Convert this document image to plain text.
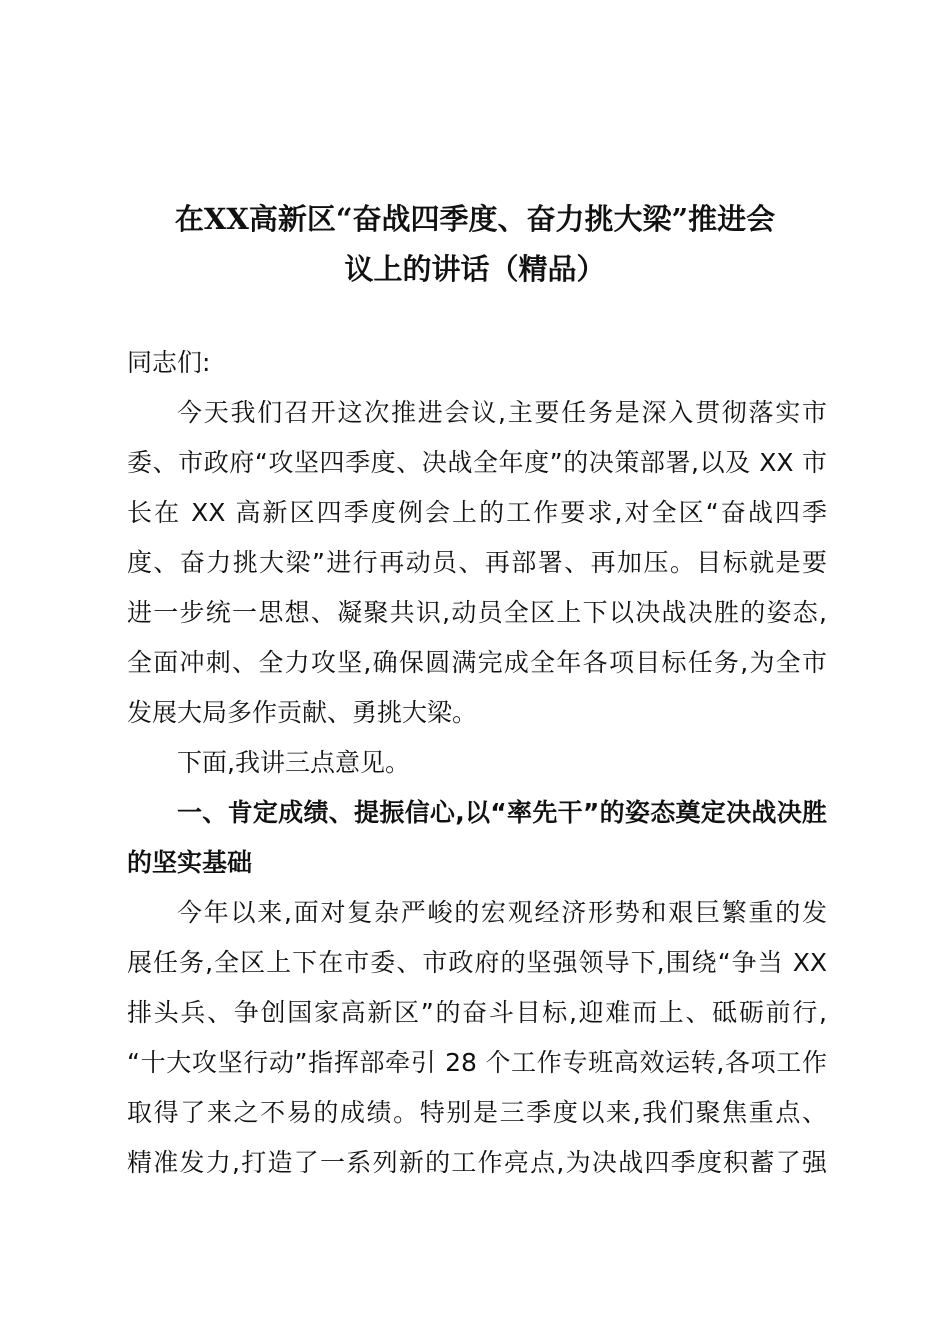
在XX高新区“奋战四季度、奋力挑大梁”推进会
议上的讲话（精品）
同志们:
今天我们召开这次推进会议,主要任务是深入贯彻落实市
委、市政府“攻坚四季度、决战全年度”的决策部署,以及 XX 市
长在 XX 高新区四季度例会上的工作要求,对全区“奋战四季
度、奋力挑大梁”进行再动员、再部署、再加压。目标就是要
进一步统一思想、凝聚共识,动员全区上下以决战决胜的姿态,
全面冲刺、全力攻坚,确保圆满完成全年各项目标任务,为全市
发展大局多作贡献、勇挑大梁。
下面,我讲三点意见。
一、肯定成绩、提振信心,以“率先干”的姿态奠定决战决胜
的坚实基础
今年以来,面对复杂严峻的宏观经济形势和艰巨繁重的发
展任务,全区上下在市委、市政府的坚强领导下,围绕“争当 XX
排头兵、争创国家高新区”的奋斗目标,迎难而上、砥砺前行,
“十大攻坚行动”指挥部牵引 28 个工作专班高效运转,各项工作
取得了来之不易的成绩。特别是三季度以来,我们聚焦重点、
精准发力,打造了一系列新的工作亮点,为决战四季度积蓄了强
